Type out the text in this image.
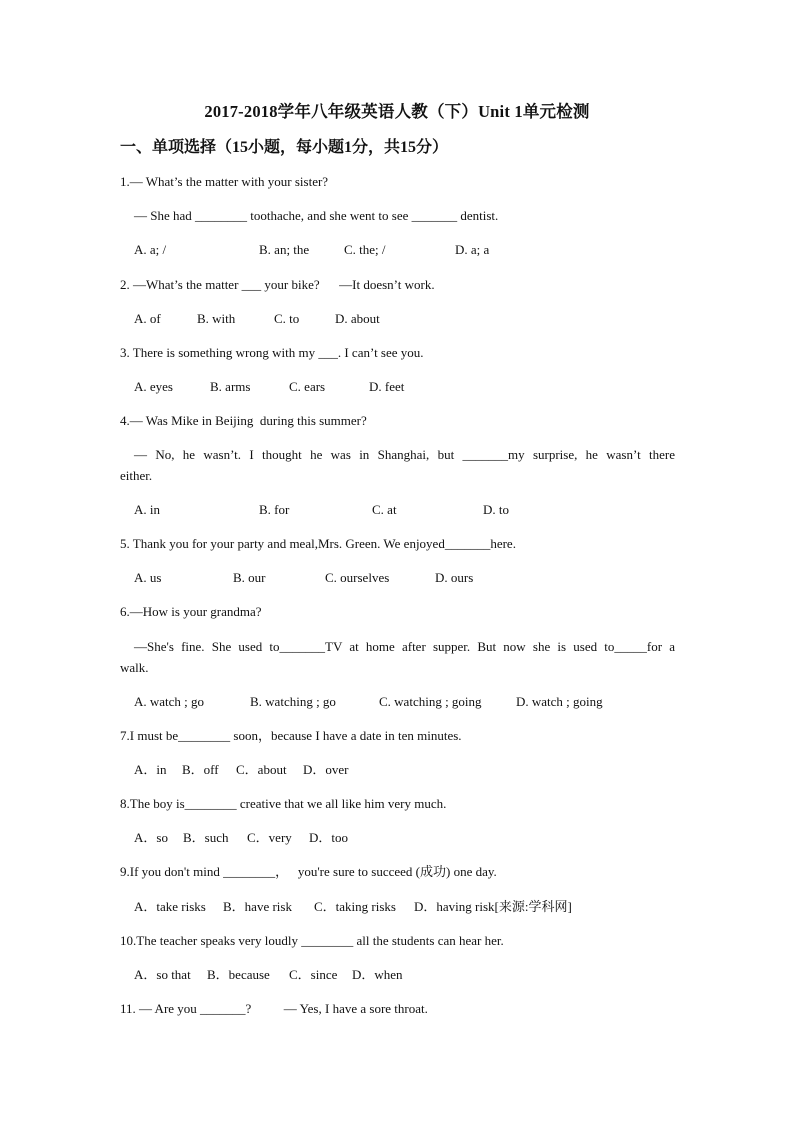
2017-2018学年八年级英语人教（下）Unit 1单元检测
一、单项选择（15小题，每小题1分，共15分）
1.— What’s the matter with your sister?
— She had ________ toothache, and she went to see _______ dentist.
A. a; /	B. an; the	C. the; /	D. a; a
2. —What’s the matter ___ your bike?      —It doesn’t work.
A. of	B. with	C. to	D. about
3. There is something wrong with my ___. I can’t see you.
A. eyes	B. arms	C. ears	D. feet
4.— Was Mike in Beijing  during this summer?
— No, he wasn’t. I thought he was in Shanghai, but _______my surprise, he wasn’t there
either.
A. in	B. for	C. at	D. to
5. Thank you for your party and meal,Mrs. Green. We enjoyed_______here.
A. us	B. our	C. ourselves	D. ours
6.—How is your grandma?
—She's fine. She used to_______TV at home after supper. But now she is used to_____for a
walk.
A. watch ; go	B. watching ; go	C. watching ; going	D. watch ; going
7.I must be________ soon，because I have a date in ten minutes.
A．in B．off C．about D．over
8.The boy is________ creative that we all like him very much.
A．so B．such C．very D．too
9.If you don't mind ________，   you're sure to succeed (成功) one day.
A．take risks B．have risk C．taking risks D．having risk[来源:学科网]
10.The teacher speaks very loudly ________ all the students can hear her.
A．so that B．because C．since D．when
11. — Are you _______?          — Yes, I have a sore throat.
